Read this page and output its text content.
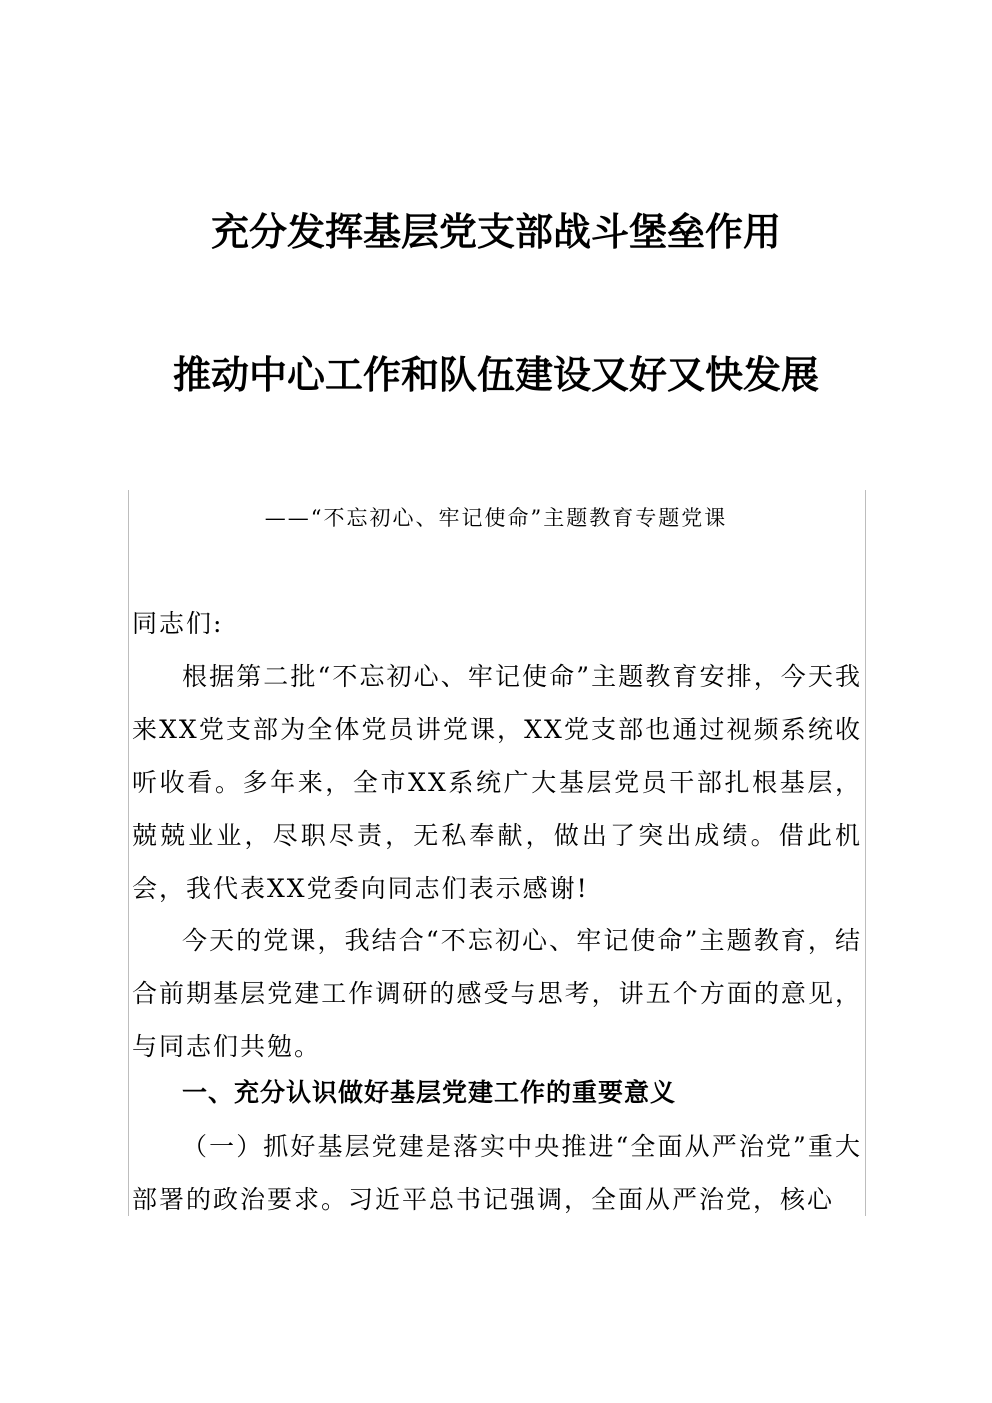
充分发挥基层党支部战斗堡垒作用
推动中心工作和队伍建设又好又快发展
——“不忘初心、牢记使命”主题教育专题党课

同志们:

根据第二批“不忘初心、牢记使命”主题教育安排，今天我来XX党支部为全体党员讲党课，XX党支部也通过视频系统收听收看。多年来，全市XX系统广大基层党员干部扎根基层，兢兢业业，尽职尽责，无私奉献，做出了突出成绩。借此机会，我代表XX党委向同志们表示感谢!

今天的党课，我结合“不忘初心、牢记使命”主题教育，结合前期基层党建工作调研的感受与思考，讲五个方面的意见，与同志们共勉。

一、充分认识做好基层党建工作的重要意义

（一）抓好基层党建是落实中央推进“全面从严治党”重大部署的政治要求。习近平总书记强调，全面从严治党，核心
